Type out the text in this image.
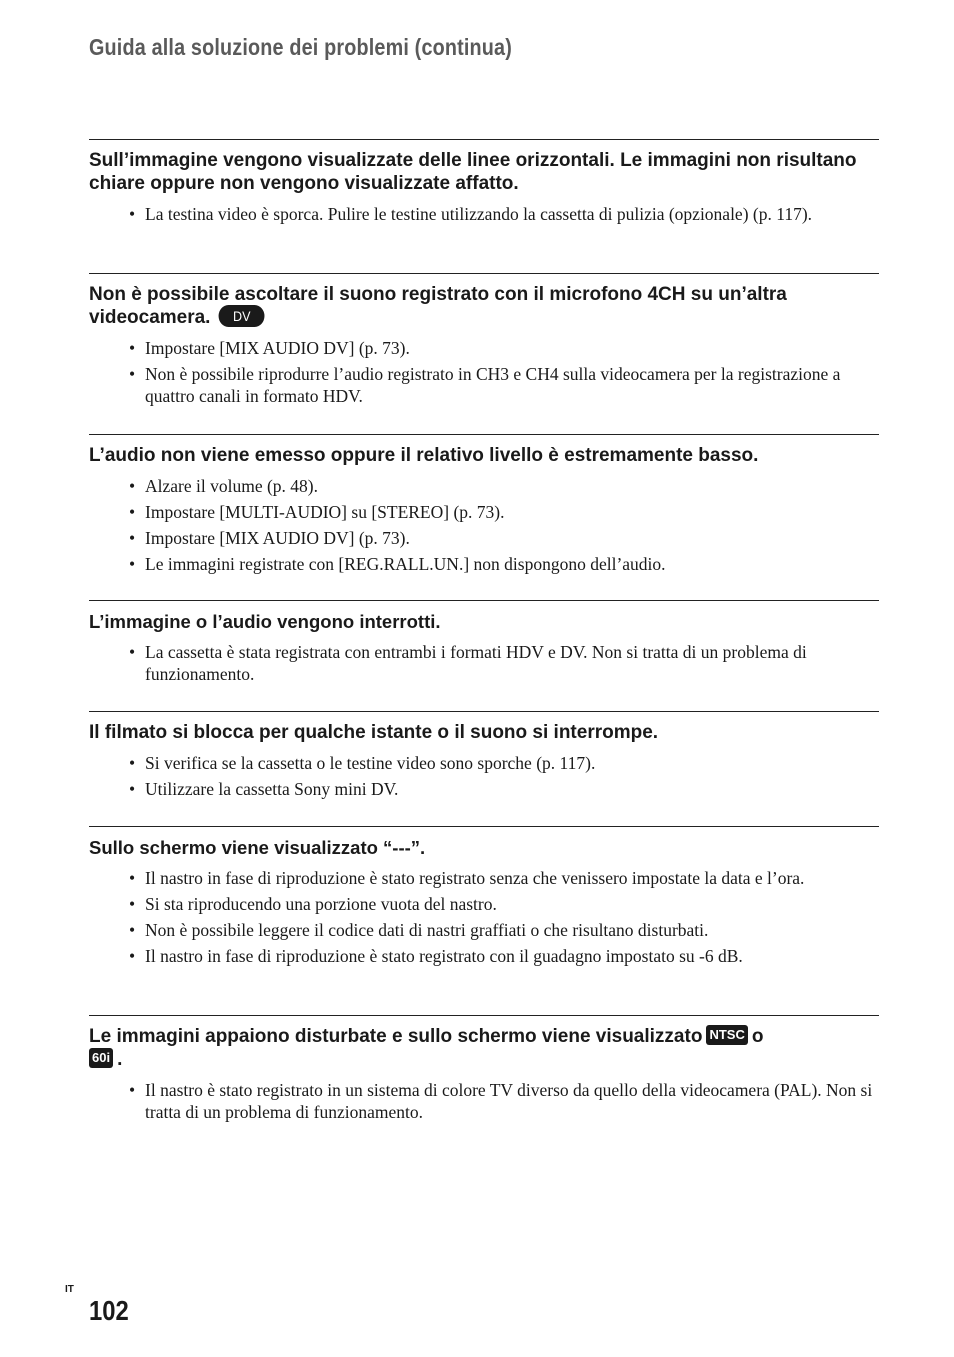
Guida alla soluzione dei problemi (continua)
Sull’immagine vengono visualizzate delle linee orizzontali. Le immagini non risultano chiare oppure non vengono visualizzate affatto.
• La testina video è sporca. Pulire le testine utilizzando la cassetta di pulizia (opzionale) (p. 117).
Non è possibile ascoltare il suono registrato con il microfono 4CH su un’altra videocamera. DV
• Impostare [MIX AUDIO DV] (p. 73).
• Non è possibile riprodurre l’audio registrato in CH3 e CH4 sulla videocamera per la registrazione a quattro canali in formato HDV.
L’audio non viene emesso oppure il relativo livello è estremamente basso.
• Alzare il volume (p. 48).
• Impostare [MULTI-AUDIO] su [STEREO] (p. 73).
• Impostare [MIX AUDIO DV] (p. 73).
• Le immagini registrate con [REG.RALL.UN.] non dispongono dell’audio.
L’immagine o l’audio vengono interrotti.
• La cassetta è stata registrata con entrambi i formati HDV e DV. Non si tratta di un problema di funzionamento.
Il filmato si blocca per qualche istante o il suono si interrompe.
• Si verifica se la cassetta o le testine video sono sporche (p. 117).
• Utilizzare la cassetta Sony mini DV.
Sullo schermo viene visualizzato “---”.
• Il nastro in fase di riproduzione è stato registrato senza che venissero impostate la data e l’ora.
• Si sta riproducendo una porzione vuota del nastro.
• Non è possibile leggere il codice dati di nastri graffiati o che risultano disturbati.
• Il nastro in fase di riproduzione è stato registrato con il guadagno impostato su -6 dB.
Le immagini appaiono disturbate e sullo schermo viene visualizzato NTSC o
60i .
• Il nastro è stato registrato in un sistema di colore TV diverso da quello della videocamera (PAL). Non si tratta di un problema di funzionamento.
IT
102
